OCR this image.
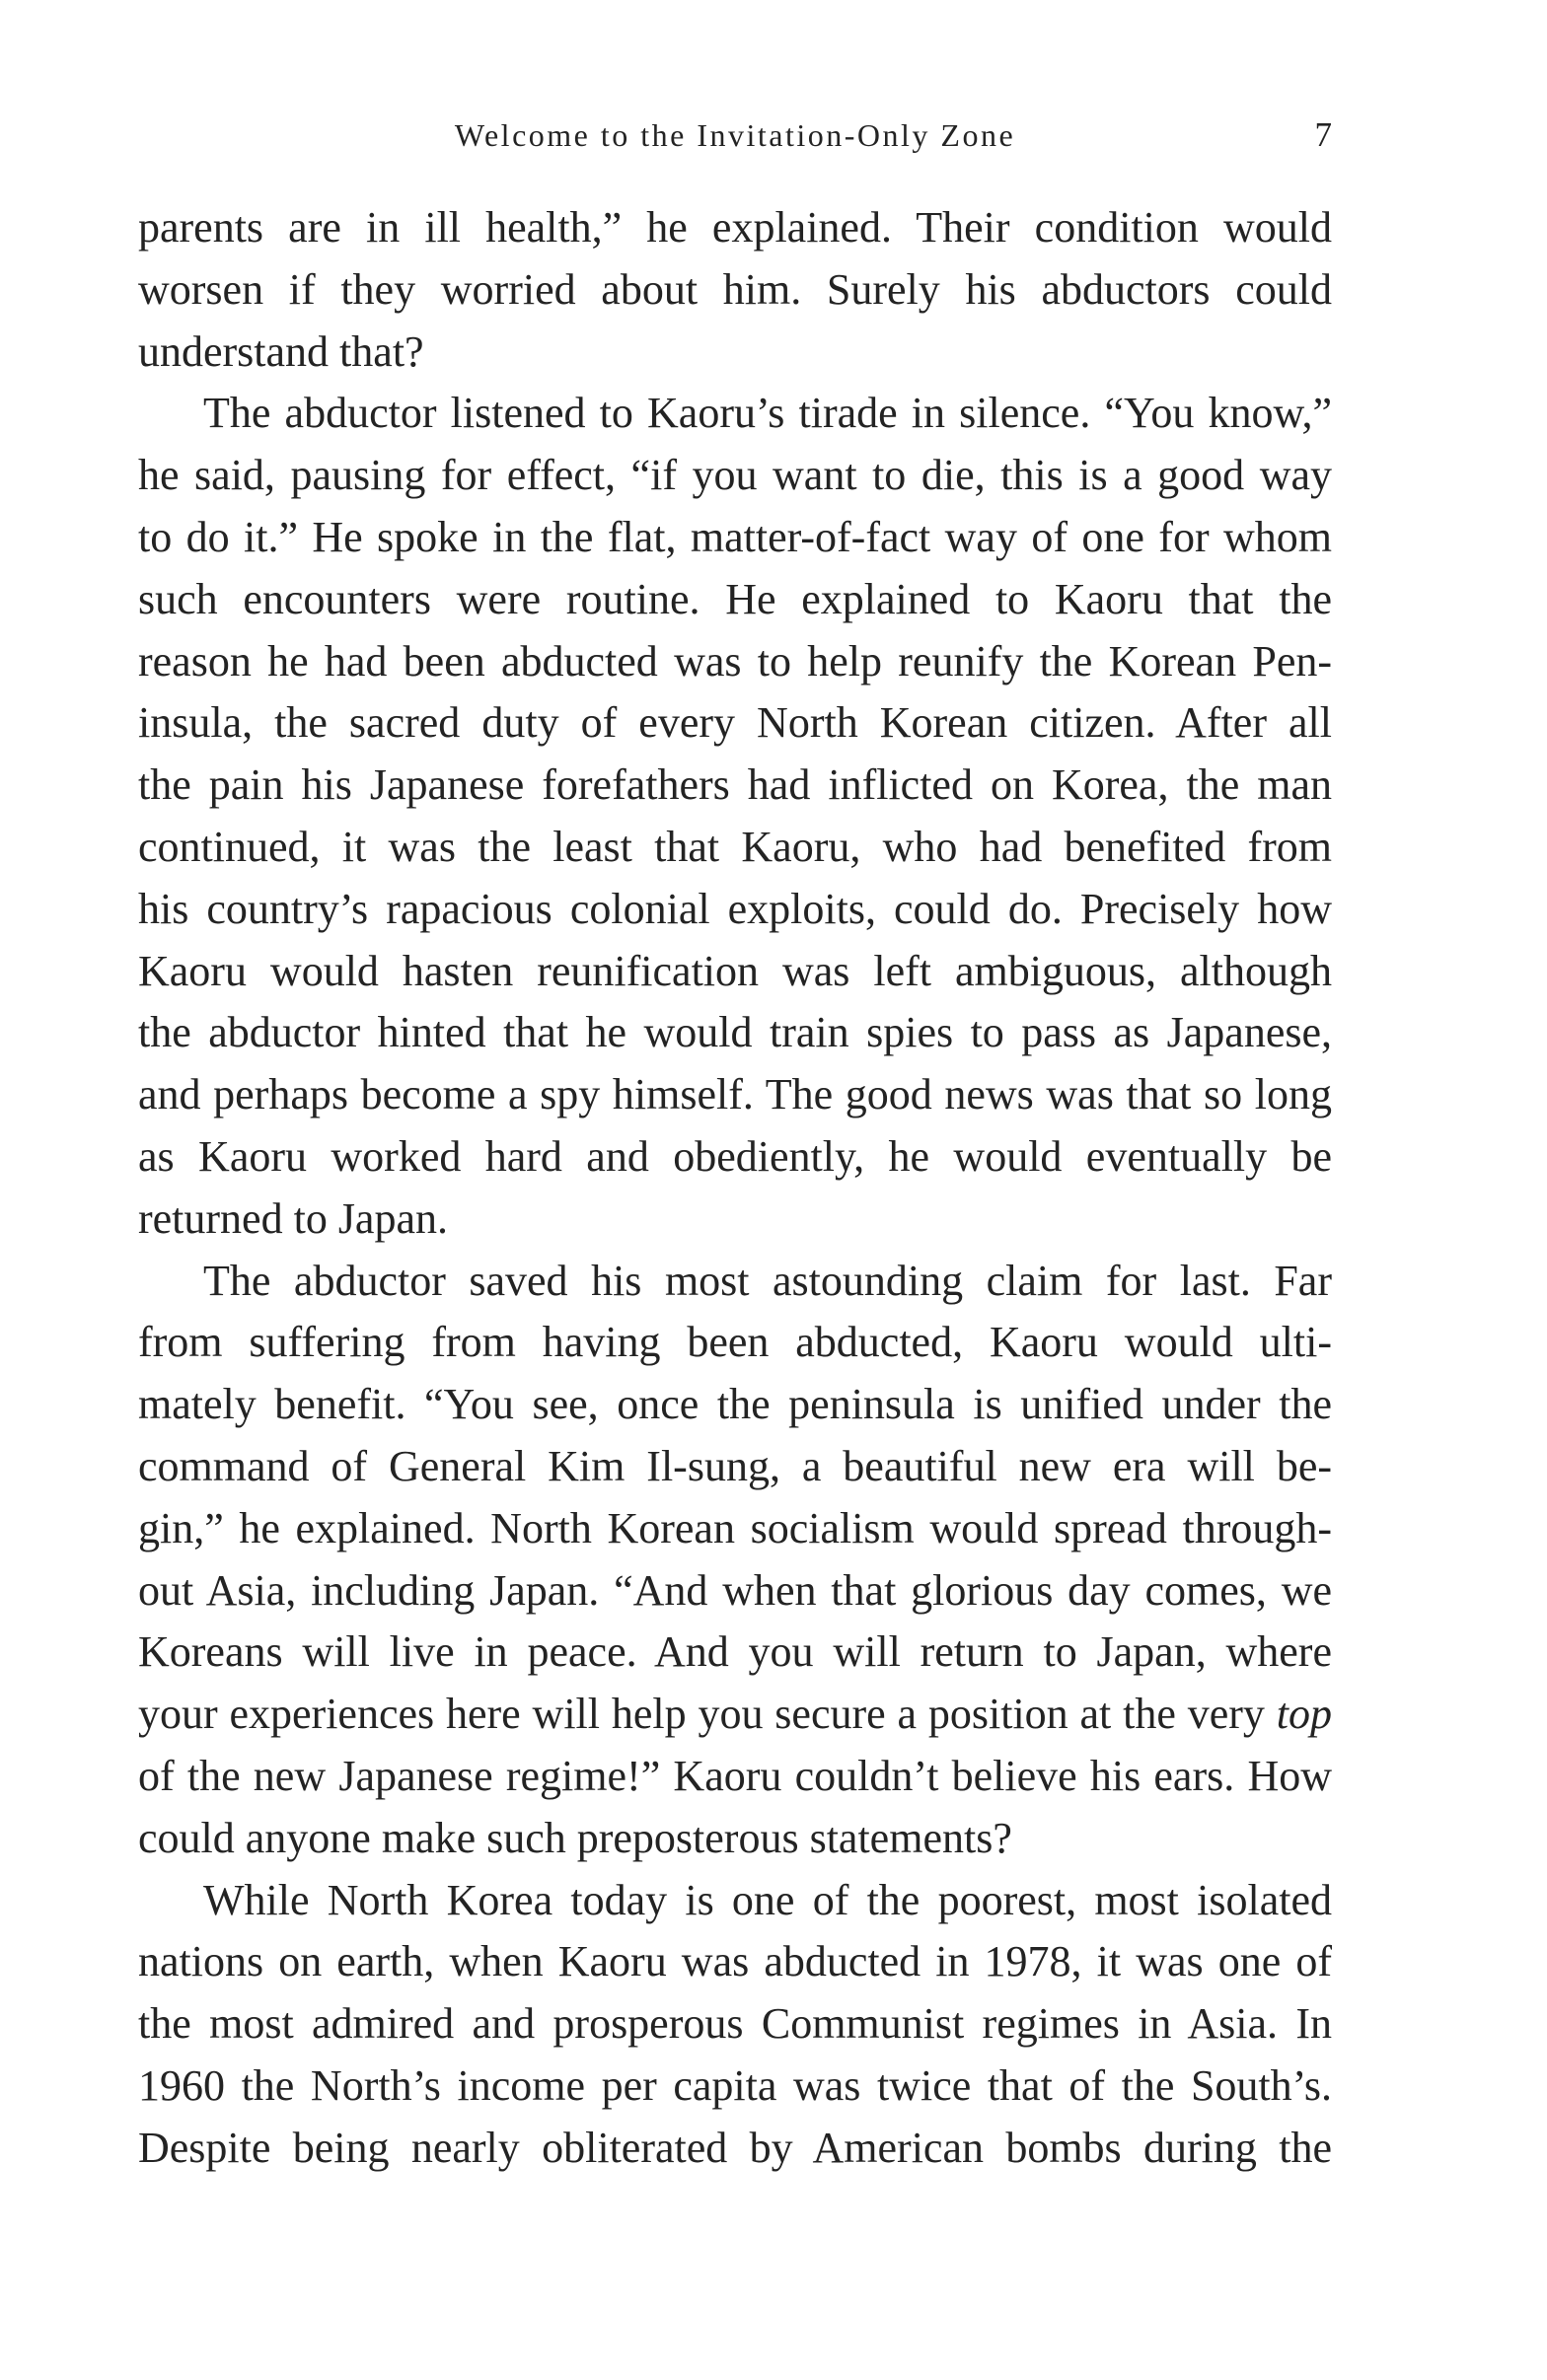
Welcome to the Invitation-Only Zone	7
parents are in ill health,” he explained. Their condition would
worsen if they worried about him. Surely his abductors could
understand that?
The abductor listened to Kaoru’s tirade in silence. “You know,”
he said, pausing for effect, “if you want to die, this is a good way
to do it.” He spoke in the flat, matter-of-fact way of one for whom
such encounters were routine. He explained to Kaoru that the
reason he had been abducted was to help reunify the Korean Pen-
insula, the sacred duty of every North Korean citizen. After all
the pain his Japanese forefathers had inflicted on Korea, the man
continued, it was the least that Kaoru, who had benefited from
his country’s rapacious colonial exploits, could do. Precisely how
Kaoru would hasten reunification was left ambiguous, although
the abductor hinted that he would train spies to pass as Japanese,
and perhaps become a spy himself. The good news was that so long
as Kaoru worked hard and obediently, he would eventually be
returned to Japan.
The abductor saved his most astounding claim for last. Far
from suffering from having been abducted, Kaoru would ulti-
mately benefit. “You see, once the peninsula is unified under the
command of General Kim Il-sung, a beautiful new era will be-
gin,” he explained. North Korean socialism would spread through-
out Asia, including Japan. “And when that glorious day comes, we
Koreans will live in peace. And you will return to Japan, where
your experiences here will help you secure a position at the very top
of the new Japanese regime!” Kaoru couldn’t believe his ears. How
could anyone make such preposterous statements?
While North Korea today is one of the poorest, most isolated
nations on earth, when Kaoru was abducted in 1978, it was one of
the most admired and prosperous Communist regimes in Asia. In
1960 the North’s income per capita was twice that of the South’s.
Despite being nearly obliterated by American bombs during the
